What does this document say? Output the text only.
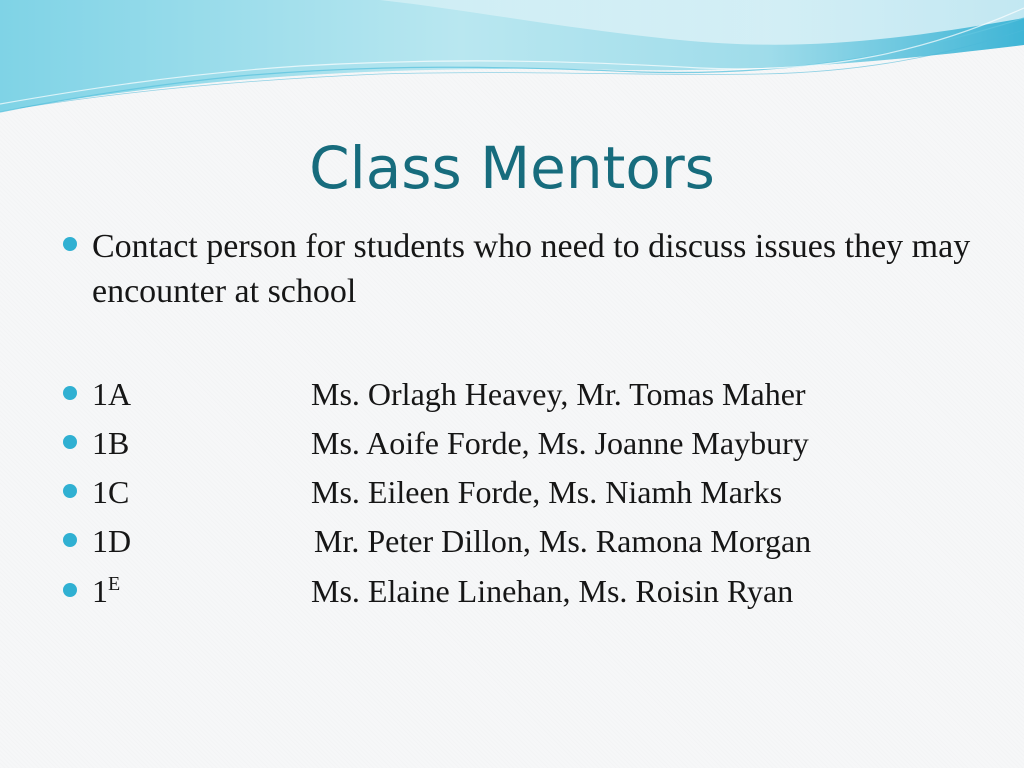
Class Mentors
Contact person for students who need to discuss issues they may encounter at school
1A	Ms. Orlagh Heavey, Mr. Tomas Maher
1B	Ms. Aoife Forde, Ms. Joanne Maybury
1C	Ms. Eileen Forde, Ms. Niamh Marks
1D	Mr. Peter Dillon, Ms. Ramona Morgan
$1^E$	Ms. Elaine Linehan, Ms. Roisin Ryan
